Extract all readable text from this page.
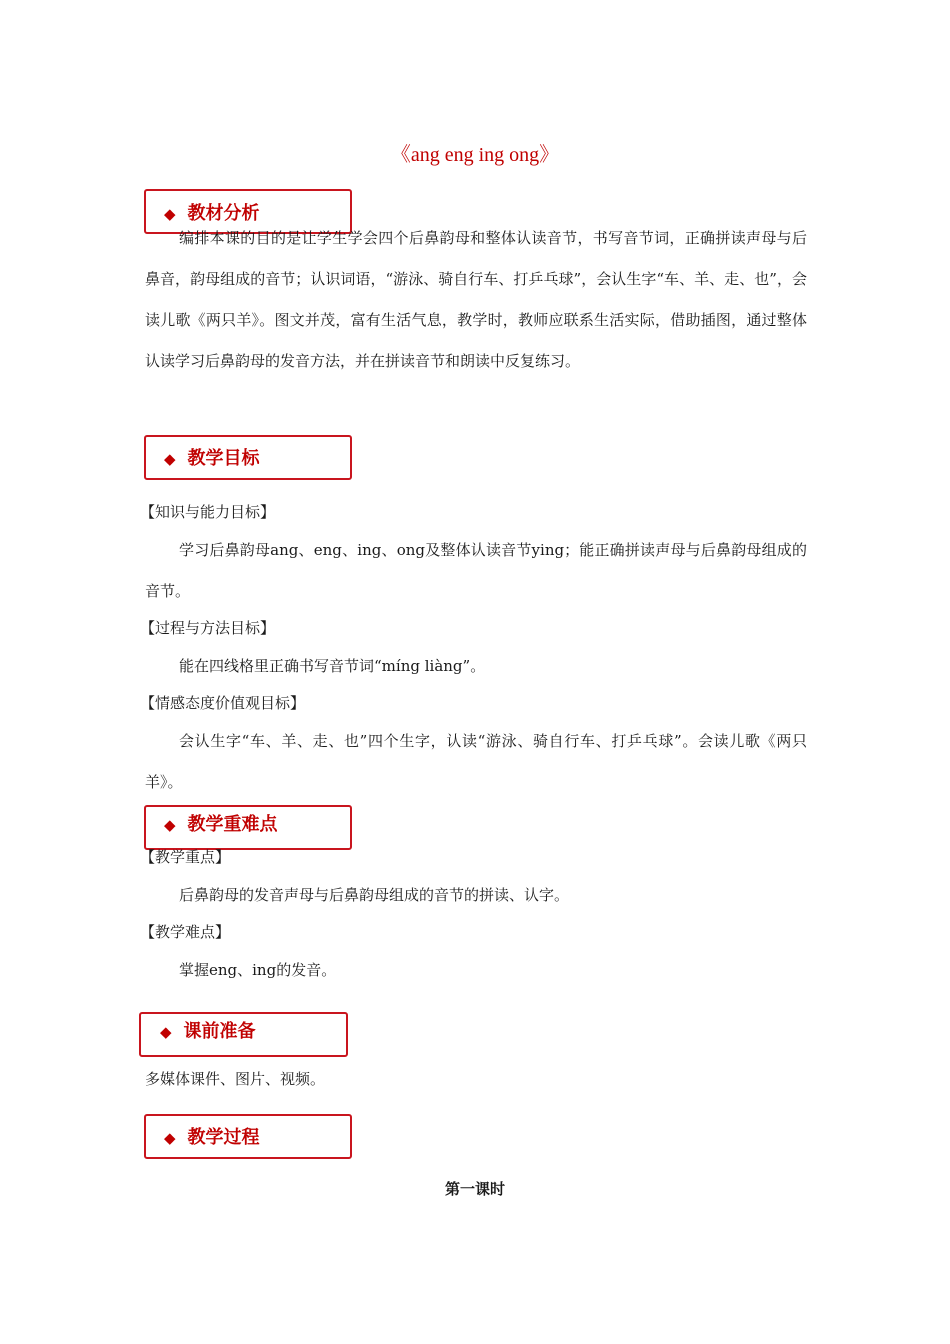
《ang eng ing ong》
◆ 教材分析
编排本课的目的是让学生学会四个后鼻韵母和整体认读音节，书写音节词，正确拼读声母与后鼻音，韵母组成的音节；认识词语，“游泳、骑自行车、打乒乓球”，会认生字“车、羊、走、也”，会读儿歌《两只羊》。图文并茂，富有生活气息，教学时，教师应联系生活实际，借助插图，通过整体认读学习后鼻韵母的发音方法，并在拼读音节和朗读中反复练习。
◆ 教学目标
【知识与能力目标】
学习后鼻韵母ang、eng、ing、ong及整体认读音节ying；能正确拼读声母与后鼻韵母组成的音节。
【过程与方法目标】
能在四线格里正确书写音节词“míng liàng”。
【情感态度价值观目标】
会认生字“车、羊、走、也”四个生字，认读“游泳、骑自行车、打乒乓球”。会读儿歌《两只羊》。
◆ 教学重难点
【教学重点】
后鼻韵母的发音声母与后鼻韵母组成的音节的拼读、认字。
【教学难点】
掌握eng、ing的发音。
◆ 课前准备
多媒体课件、图片、视频。
◆ 教学过程
第一课时
